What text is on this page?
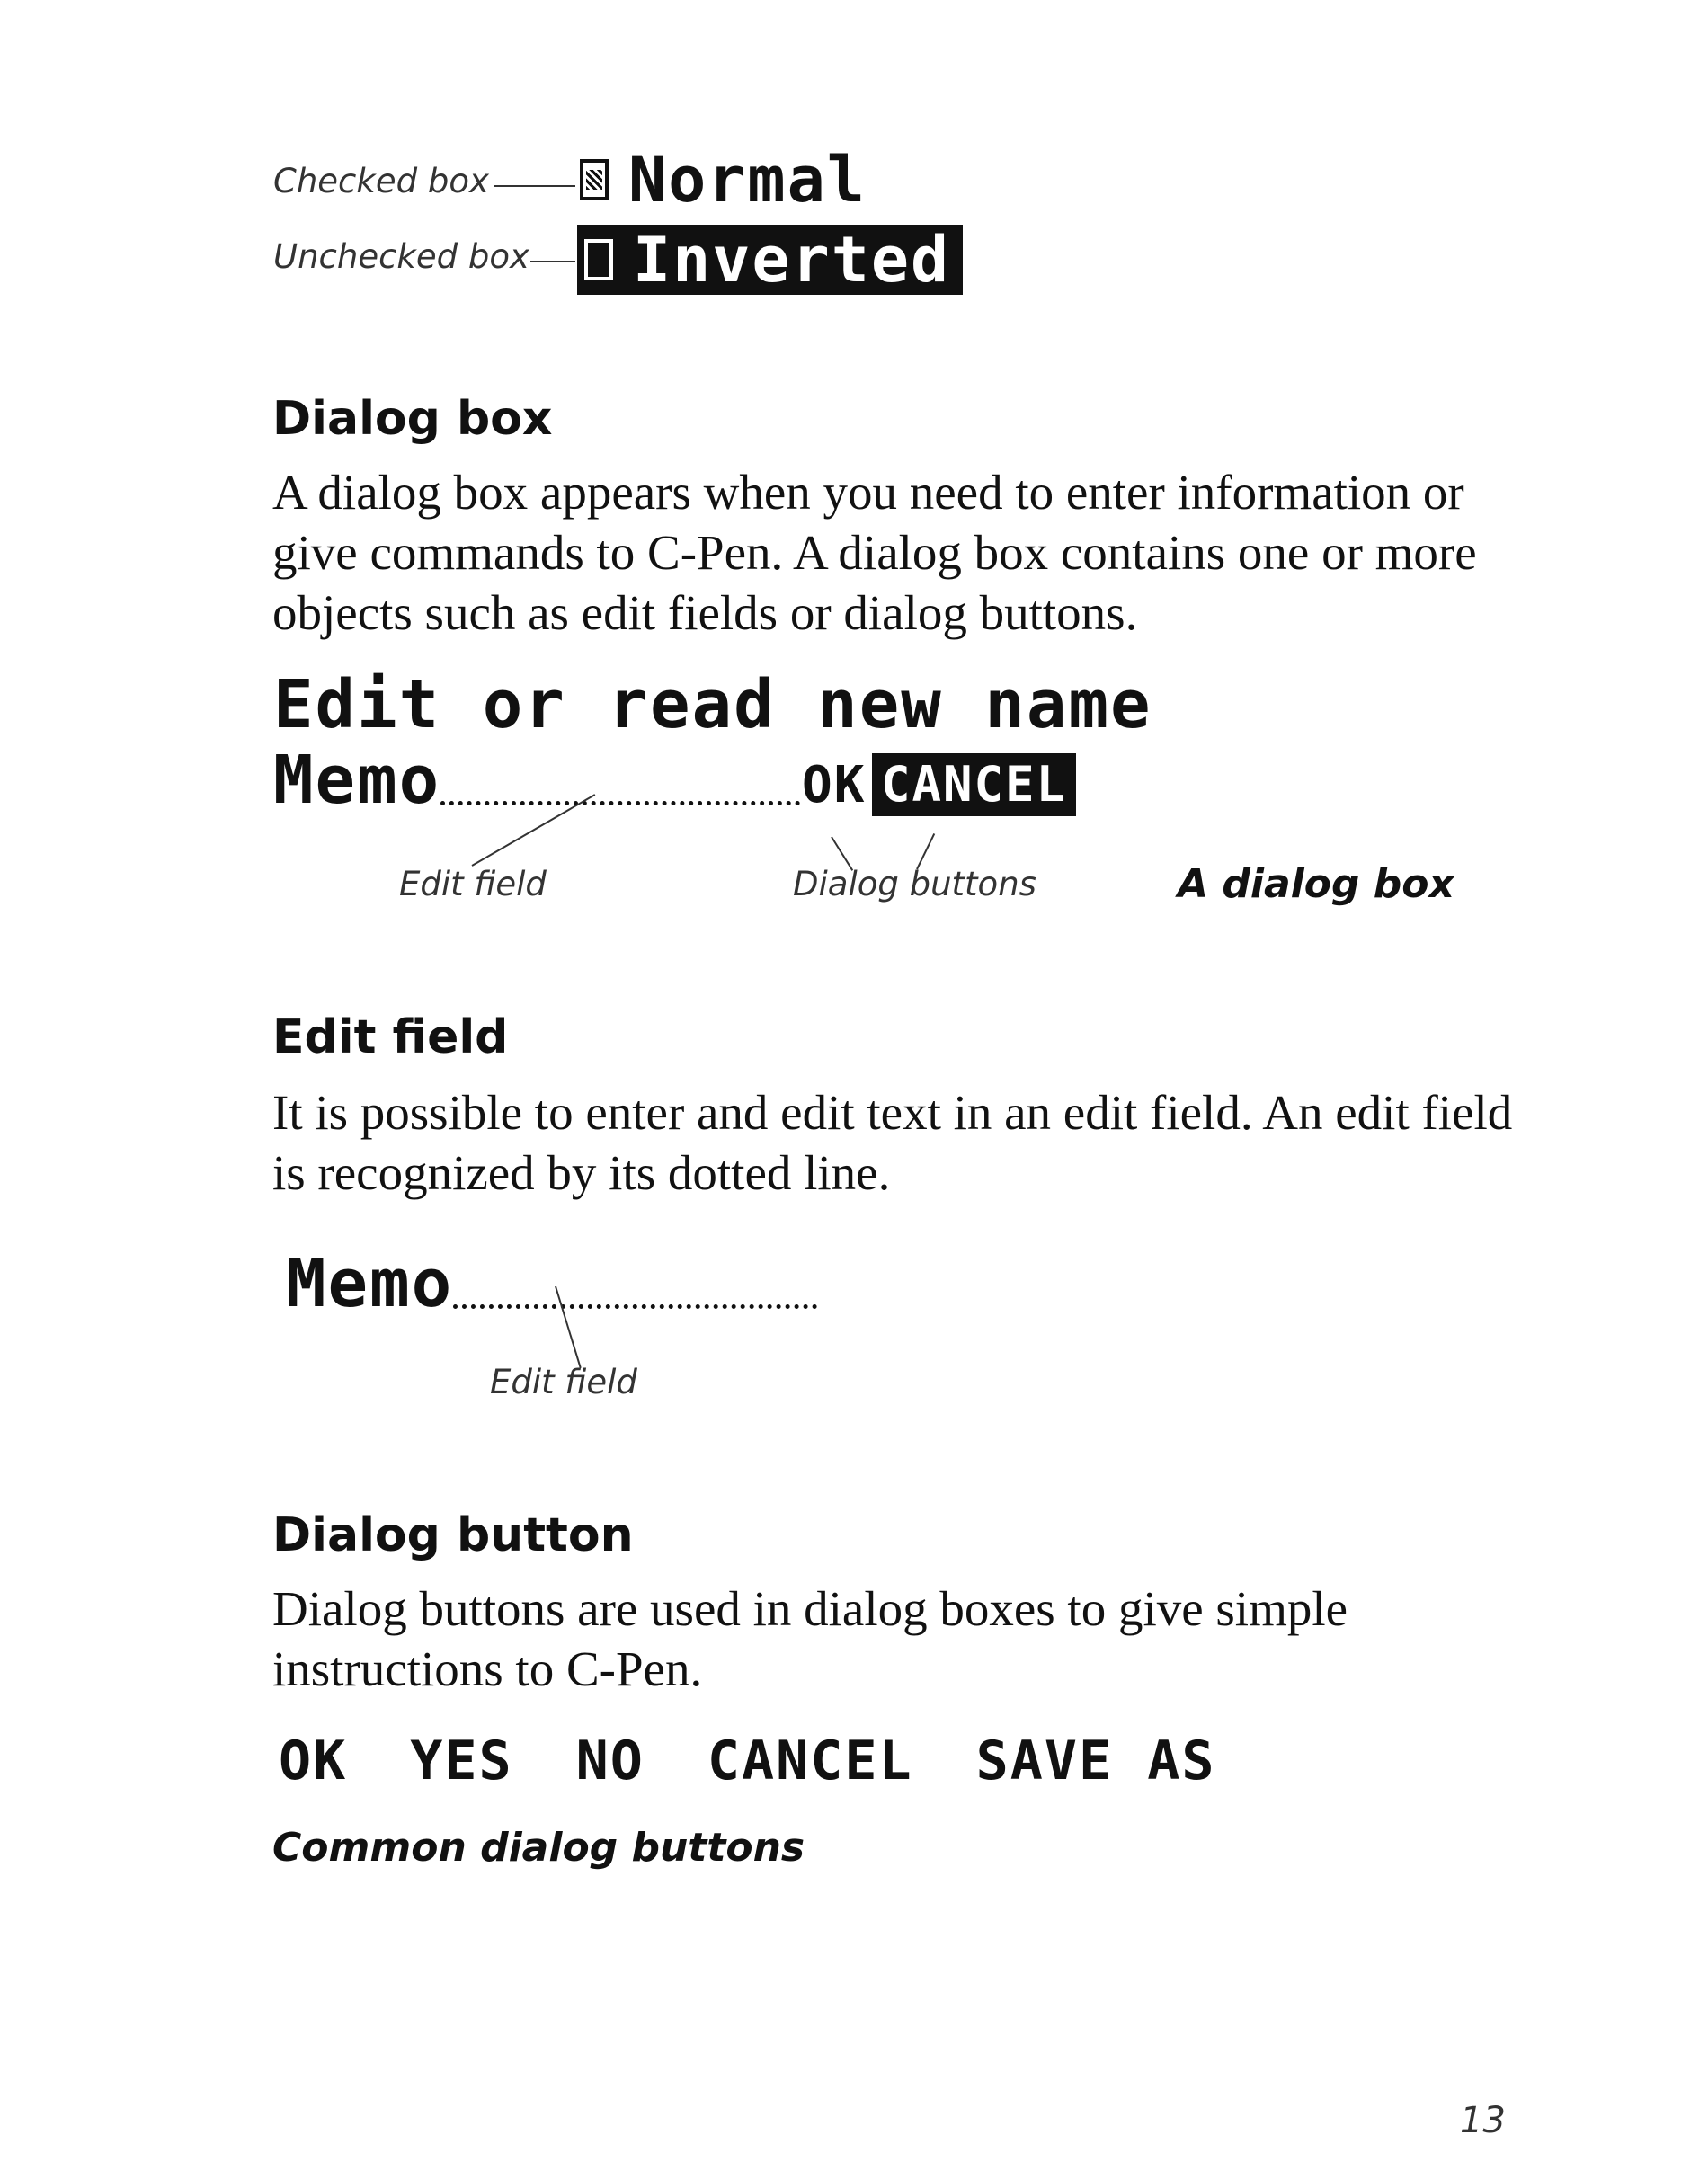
Checked box
Unchecked box
Normal
Inverted
Dialog box
A dialog box appears when you need to enter information or give commands to C-Pen. A dialog box contains one or more objects such as edit fields or dialog buttons.
Edit or read new name
Memo	OK CANCEL
Edit field	Dialog buttons	A dialog box
Edit field
It is possible to enter and edit text in an edit field. An edit field is recognized by its dotted line.
Memo
Edit field
Dialog button
Dialog buttons are used in dialog boxes to give simple instructions to C-Pen.
OK YES NO CANCEL SAVE AS
Common dialog buttons
13
